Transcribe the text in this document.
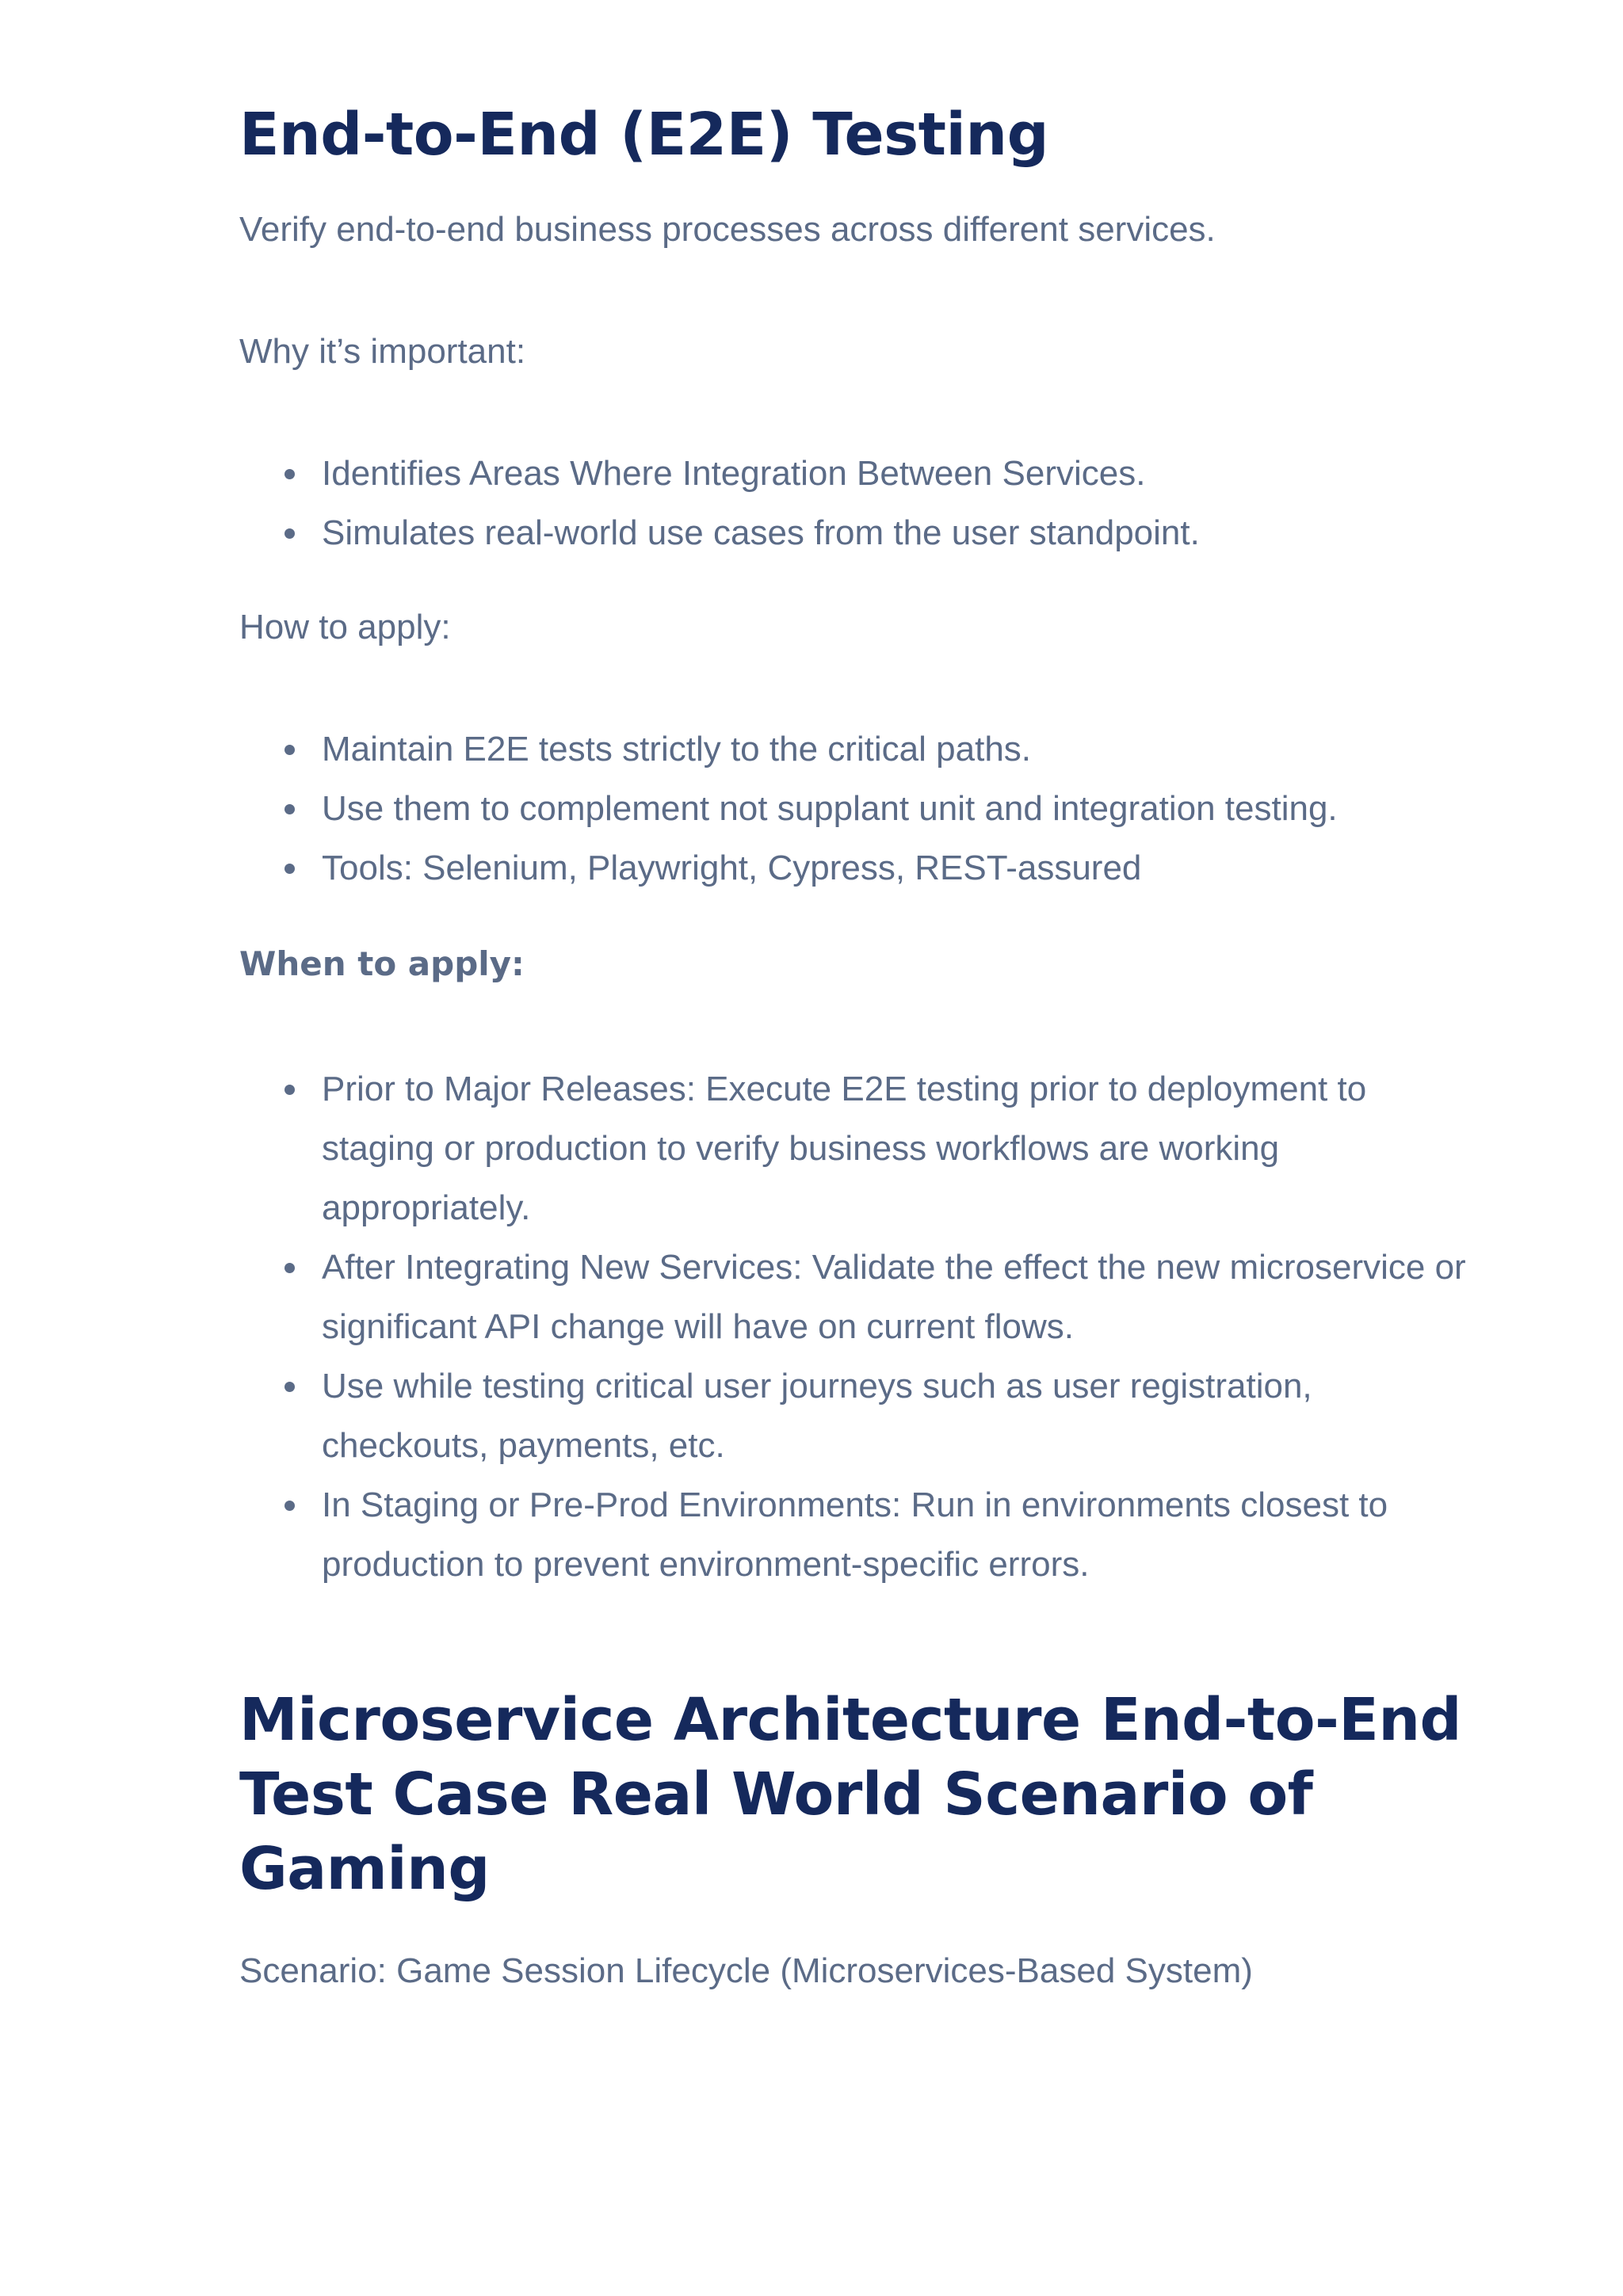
End-to-End (E2E) Testing

Verify end-to-end business processes across different services.

Why it’s important:

Identifies Areas Where Integration Between Services.
Simulates real-world use cases from the user standpoint.

How to apply:

Maintain E2E tests strictly to the critical paths.
Use them to complement not supplant unit and integration testing.
Tools: Selenium, Playwright, Cypress, REST-assured

When to apply:

Prior to Major Releases: Execute E2E testing prior to deployment to staging or production to verify business workflows are working appropriately.
After Integrating New Services: Validate the effect the new microservice or significant API change will have on current flows.
Use while testing critical user journeys such as user registration, checkouts, payments, etc.
In Staging or Pre-Prod Environments: Run in environments closest to production to prevent environment-specific errors.
Microservice Architecture End-to-End Test Case Real World Scenario of Gaming

Scenario: Game Session Lifecycle (Microservices-Based System)
